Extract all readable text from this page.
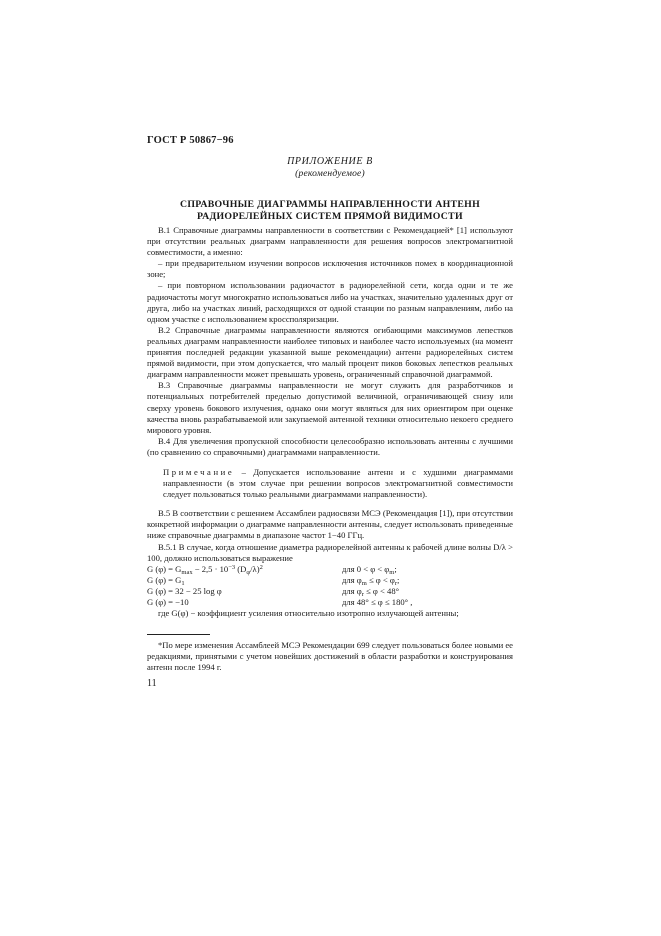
ГОСТ Р 50867−96
ПРИЛОЖЕНИЕ В
(рекомендуемое)
СПРАВОЧНЫЕ ДИАГРАММЫ НАПРАВЛЕННОСТИ АНТЕНН
РАДИОРЕЛЕЙНЫХ СИСТЕМ ПРЯМОЙ ВИДИМОСТИ

В.1 Справочные диаграммы направленности в соответствии с Рекомендацией* [1] используют при отсутствии реальных диаграмм направленности для решения вопросов электромагнитной совместимости, а именно:

– при предварительном изучении вопросов исключения источников помех в координационной зоне;

– при повторном использовании радиочастот в радиорелейной сети, когда одни и те же радиочастоты могут многократно использоваться либо на участках, значительно удаленных друг от друга, либо на участках линий, расходящихся от одной станции по разным направлениям, либо на одном участке с использованием кроссполяризации.

В.2 Справочные диаграммы направленности являются огибающими максимумов лепестков реальных диаграмм направленности наиболее типовых и наиболее часто используемых (на момент принятия последней редакции указанной выше рекомендации) антенн радиорелейных систем прямой видимости, при этом допускается, что малый процент пиков боковых лепестков реальных диаграмм направленности может превышать уровень, ограниченный справочной диаграммой.

В.3 Справочные диаграммы направленности не могут служить для разработчиков и потенциальных потребителей пределью допустимой величиной, ограничивающей снизу или сверху уровень бокового излучения, однако они могут являться для них ориентиром при оценке качества вновь разрабатываемой или закупаемой антенной техники относительно некоего среднего мирового уровня.

В.4 Для увеличения пропускной способности целесообразно использовать антенны с лучшими (по сравнению со справочными) диаграммами направленности.

Примечание – Допускается использование антенн и с худшими диаграммами направленности (в этом случае при решении вопросов электромагнитной совместимости следует пользоваться только реальными диаграммами направленности).

В.5 В соответствии с решением Ассамблеи радиосвязи МСЭ (Рекомендация [1]), при отсутствии конкретной информации о диаграмме направленности антенны, следует использовать приведенные ниже справочные диаграммы в диапазоне частот 1−40 ГГц.

В.5.1 В случае, когда отношение диаметра радиорелейной антенны к рабочей длине волны D/λ > 100, должно использоваться выражение

G $(\varphi) = G_{max} - 2,5 \cdot 10^{-3}$ $(D_\varphi/\lambda)^2$	для $0 < \varphi < \varphi_m$;
G $(\varphi) = G_1$	для $\varphi_m \le \varphi < \varphi_r$;
G (φ) = 32 − 25 log φ	для $\varphi_r \le \varphi < 48^\circ$
G (φ) = −10	для 48° ≤ φ ≤ 180° ,

где G(φ) − коэффициент усиления относительно изотропно излучающей антенны;

*По мере изменения Ассамблеей МСЭ Рекомендации 699 следует пользоваться более новыми ее редакциями, принятыми с учетом новейших достижений в области разработки и конструирования антенн после 1994 г.
11
